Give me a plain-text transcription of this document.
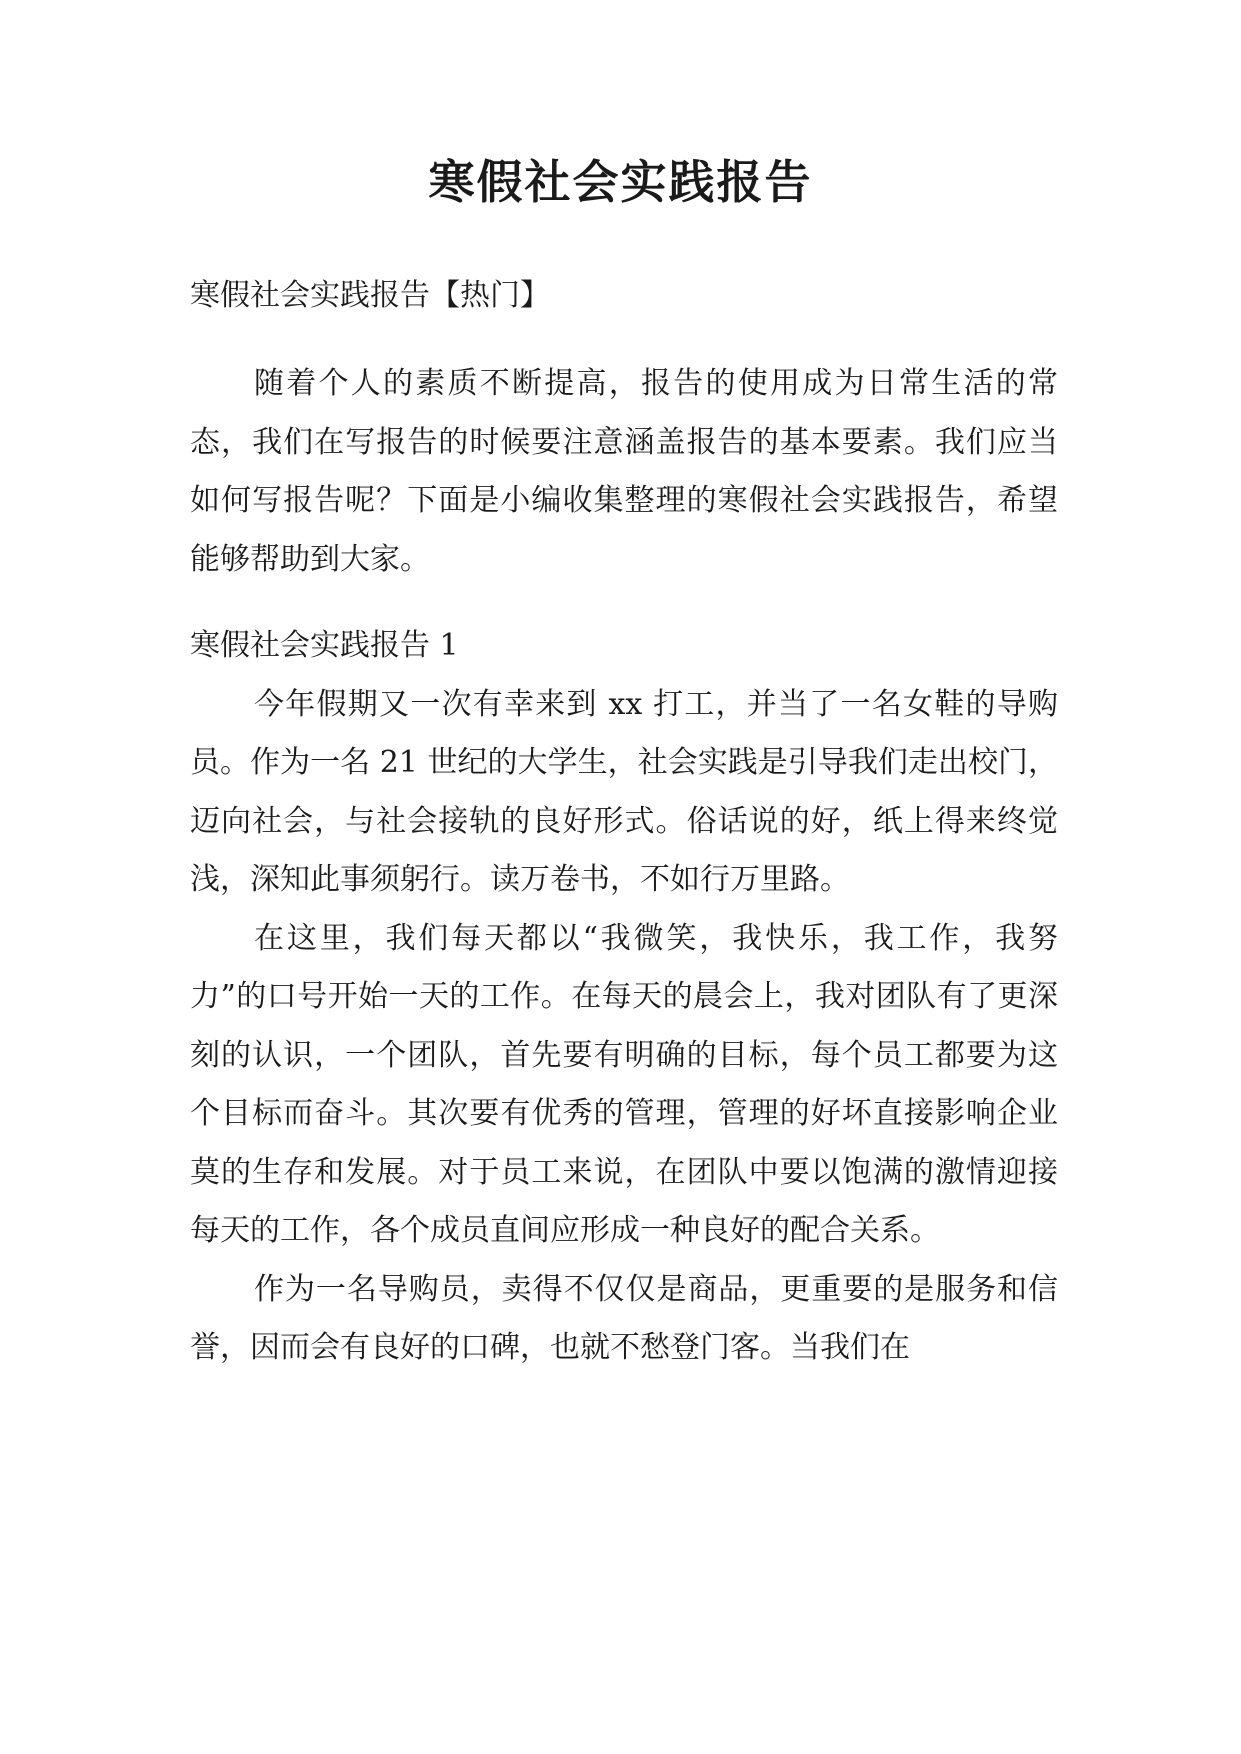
寒假社会实践报告

寒假社会实践报告【热门】

随着个人的素质不断提高，报告的使用成为日常生活的常态，我们在写报告的时候要注意涵盖报告的基本要素。我们应当如何写报告呢？下面是小编收集整理的寒假社会实践报告，希望能够帮助到大家。

寒假社会实践报告 1

今年假期又一次有幸来到 xx 打工，并当了一名女鞋的导购员。作为一名 21 世纪的大学生，社会实践是引导我们走出校门，迈向社会，与社会接轨的良好形式。俗话说的好，纸上得来终觉浅，深知此事须躬行。读万卷书，不如行万里路。

在这里，我们每天都以“我微笑，我快乐，我工作，我努力”的口号开始一天的工作。在每天的晨会上，我对团队有了更深刻的认识，一个团队，首先要有明确的目标，每个员工都要为这个目标而奋斗。其次要有优秀的管理，管理的好坏直接影响企业莫的生存和发展。对于员工来说，在团队中要以饱满的激情迎接每天的工作，各个成员直间应形成一种良好的配合关系。

作为一名导购员，卖得不仅仅是商品，更重要的是服务和信誉，因而会有良好的口碑，也就不愁登门客。当我们在
